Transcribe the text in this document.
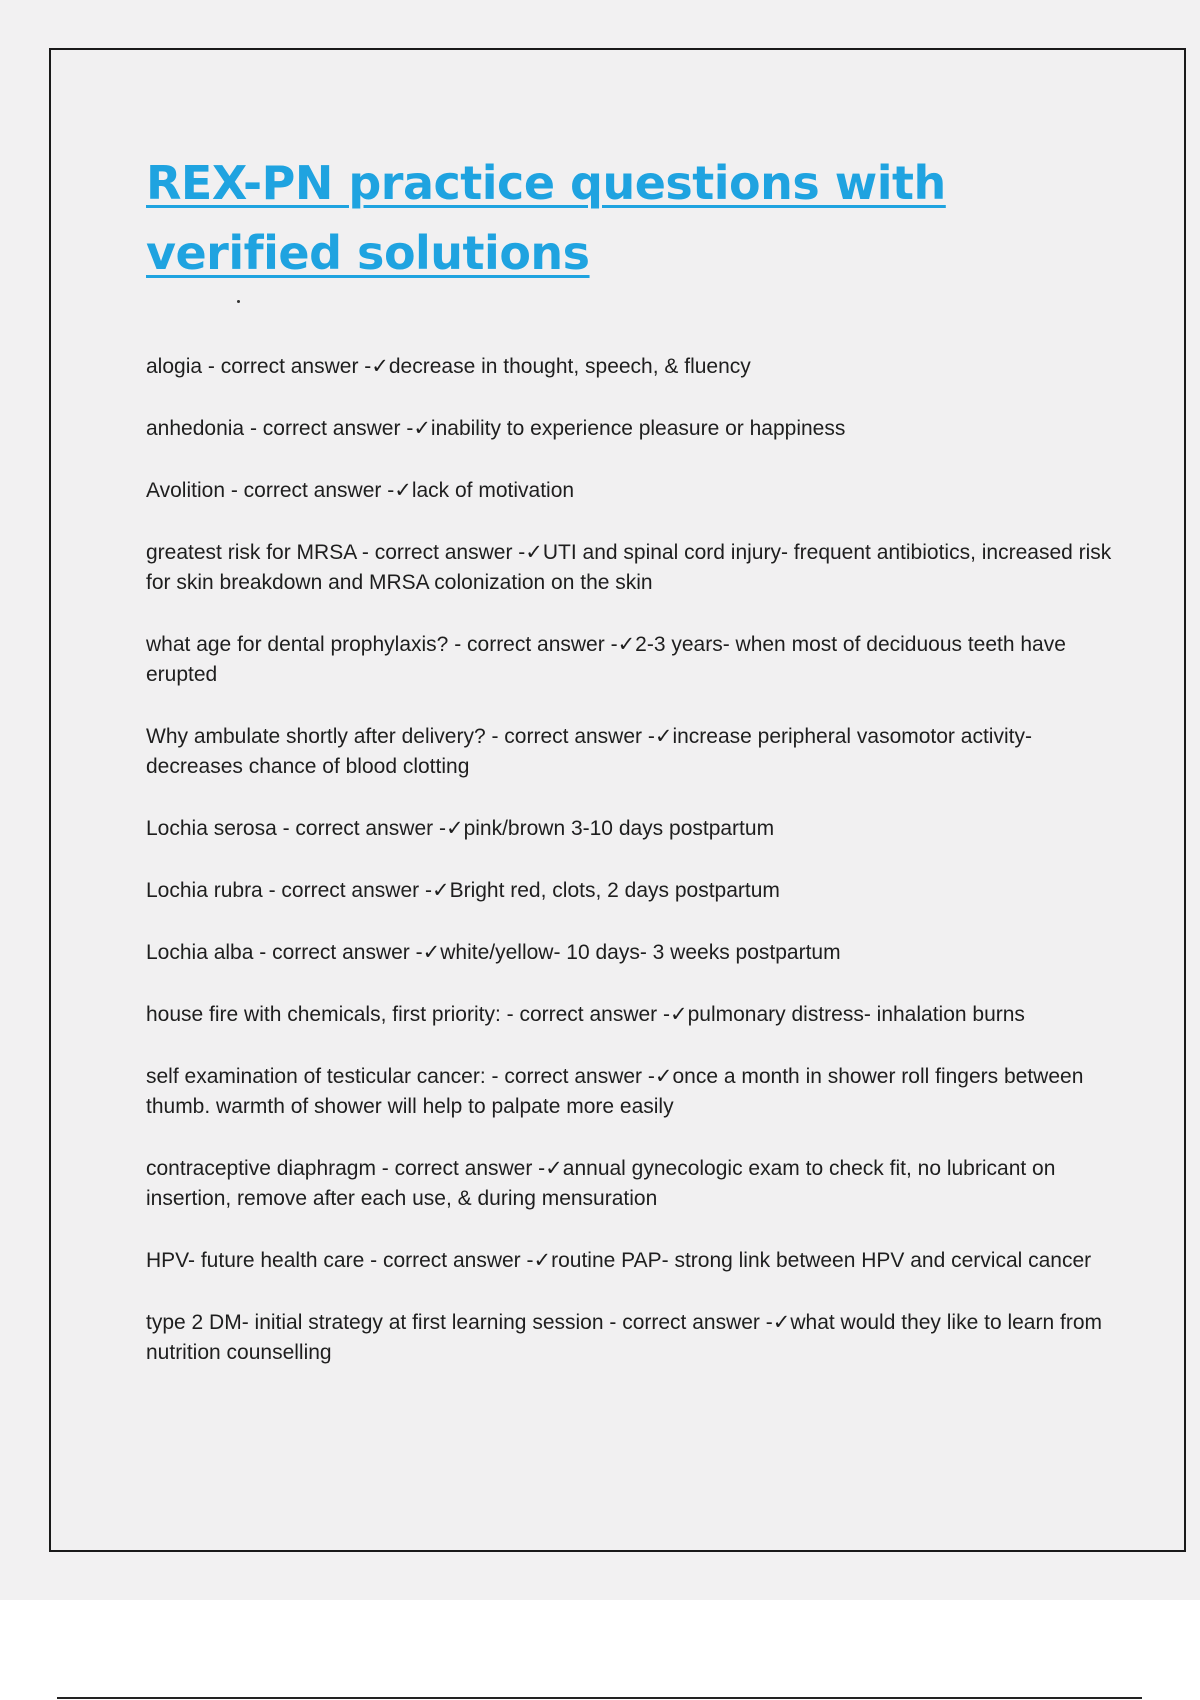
REX-PN practice questions with verified solutions
alogia - correct answer -✓decrease in thought, speech, & fluency
anhedonia - correct answer -✓inability to experience pleasure or happiness
Avolition - correct answer -✓lack of motivation
greatest risk for MRSA - correct answer -✓UTI and spinal cord injury- frequent antibiotics, increased risk for skin breakdown and MRSA colonization on the skin
what age for dental prophylaxis? - correct answer -✓2-3 years- when most of deciduous teeth have erupted
Why ambulate shortly after delivery? - correct answer -✓increase peripheral vasomotor activity- decreases chance of blood clotting
Lochia serosa - correct answer -✓pink/brown 3-10 days postpartum
Lochia rubra - correct answer -✓Bright red, clots, 2 days postpartum
Lochia alba - correct answer -✓white/yellow- 10 days- 3 weeks postpartum
house fire with chemicals, first priority: - correct answer -✓pulmonary distress- inhalation burns
self examination of testicular cancer: - correct answer -✓once a month in shower roll fingers between thumb. warmth of shower will help to palpate more easily
contraceptive diaphragm - correct answer -✓annual gynecologic exam to check fit, no lubricant on insertion, remove after each use, & during mensuration
HPV- future health care - correct answer -✓routine PAP- strong link between HPV and cervical cancer
type 2 DM- initial strategy at first learning session - correct answer -✓what would they like to learn from nutrition counselling
